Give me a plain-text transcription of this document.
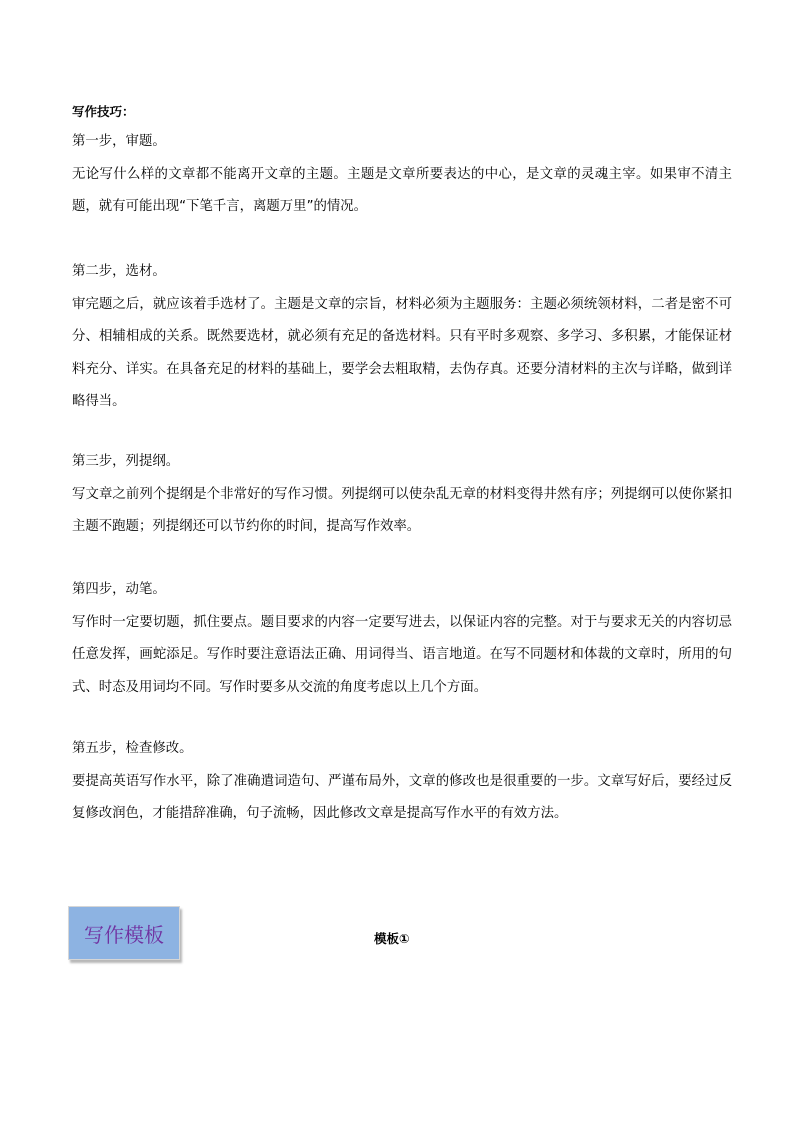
写作技巧：

第一步，审题。

无论写什么样的文章都不能离开文章的主题。主题是文章所要表达的中心，是文章的灵魂主宰。如果审不清主题，就有可能出现“下笔千言，离题万里”的情况。

第二步，选材。

审完题之后，就应该着手选材了。主题是文章的宗旨，材料必须为主题服务：主题必须统领材料，二者是密不可分、相辅相成的关系。既然要选材，就必须有充足的备选材料。只有平时多观察、多学习、多积累，才能保证材料充分、详实。在具备充足的材料的基础上，要学会去粗取精，去伪存真。还要分清材料的主次与详略，做到详略得当。

第三步，列提纲。

写文章之前列个提纲是个非常好的写作习惯。列提纲可以使杂乱无章的材料变得井然有序；列提纲可以使你紧扣主题不跑题；列提纲还可以节约你的时间，提高写作效率。

第四步，动笔。

写作时一定要切题，抓住要点。题目要求的内容一定要写进去，以保证内容的完整。对于与要求无关的内容切忌任意发挥，画蛇添足。写作时要注意语法正确、用词得当、语言地道。在写不同题材和体裁的文章时，所用的句式、时态及用词均不同。写作时要多从交流的角度考虑以上几个方面。

第五步，检查修改。

要提高英语写作水平，除了准确遣词造句、严谨布局外，文章的修改也是很重要的一步。文章写好后，要经过反复修改润色，才能措辞准确，句子流畅，因此修改文章是提高写作水平的有效方法。

写作模板	模板①
